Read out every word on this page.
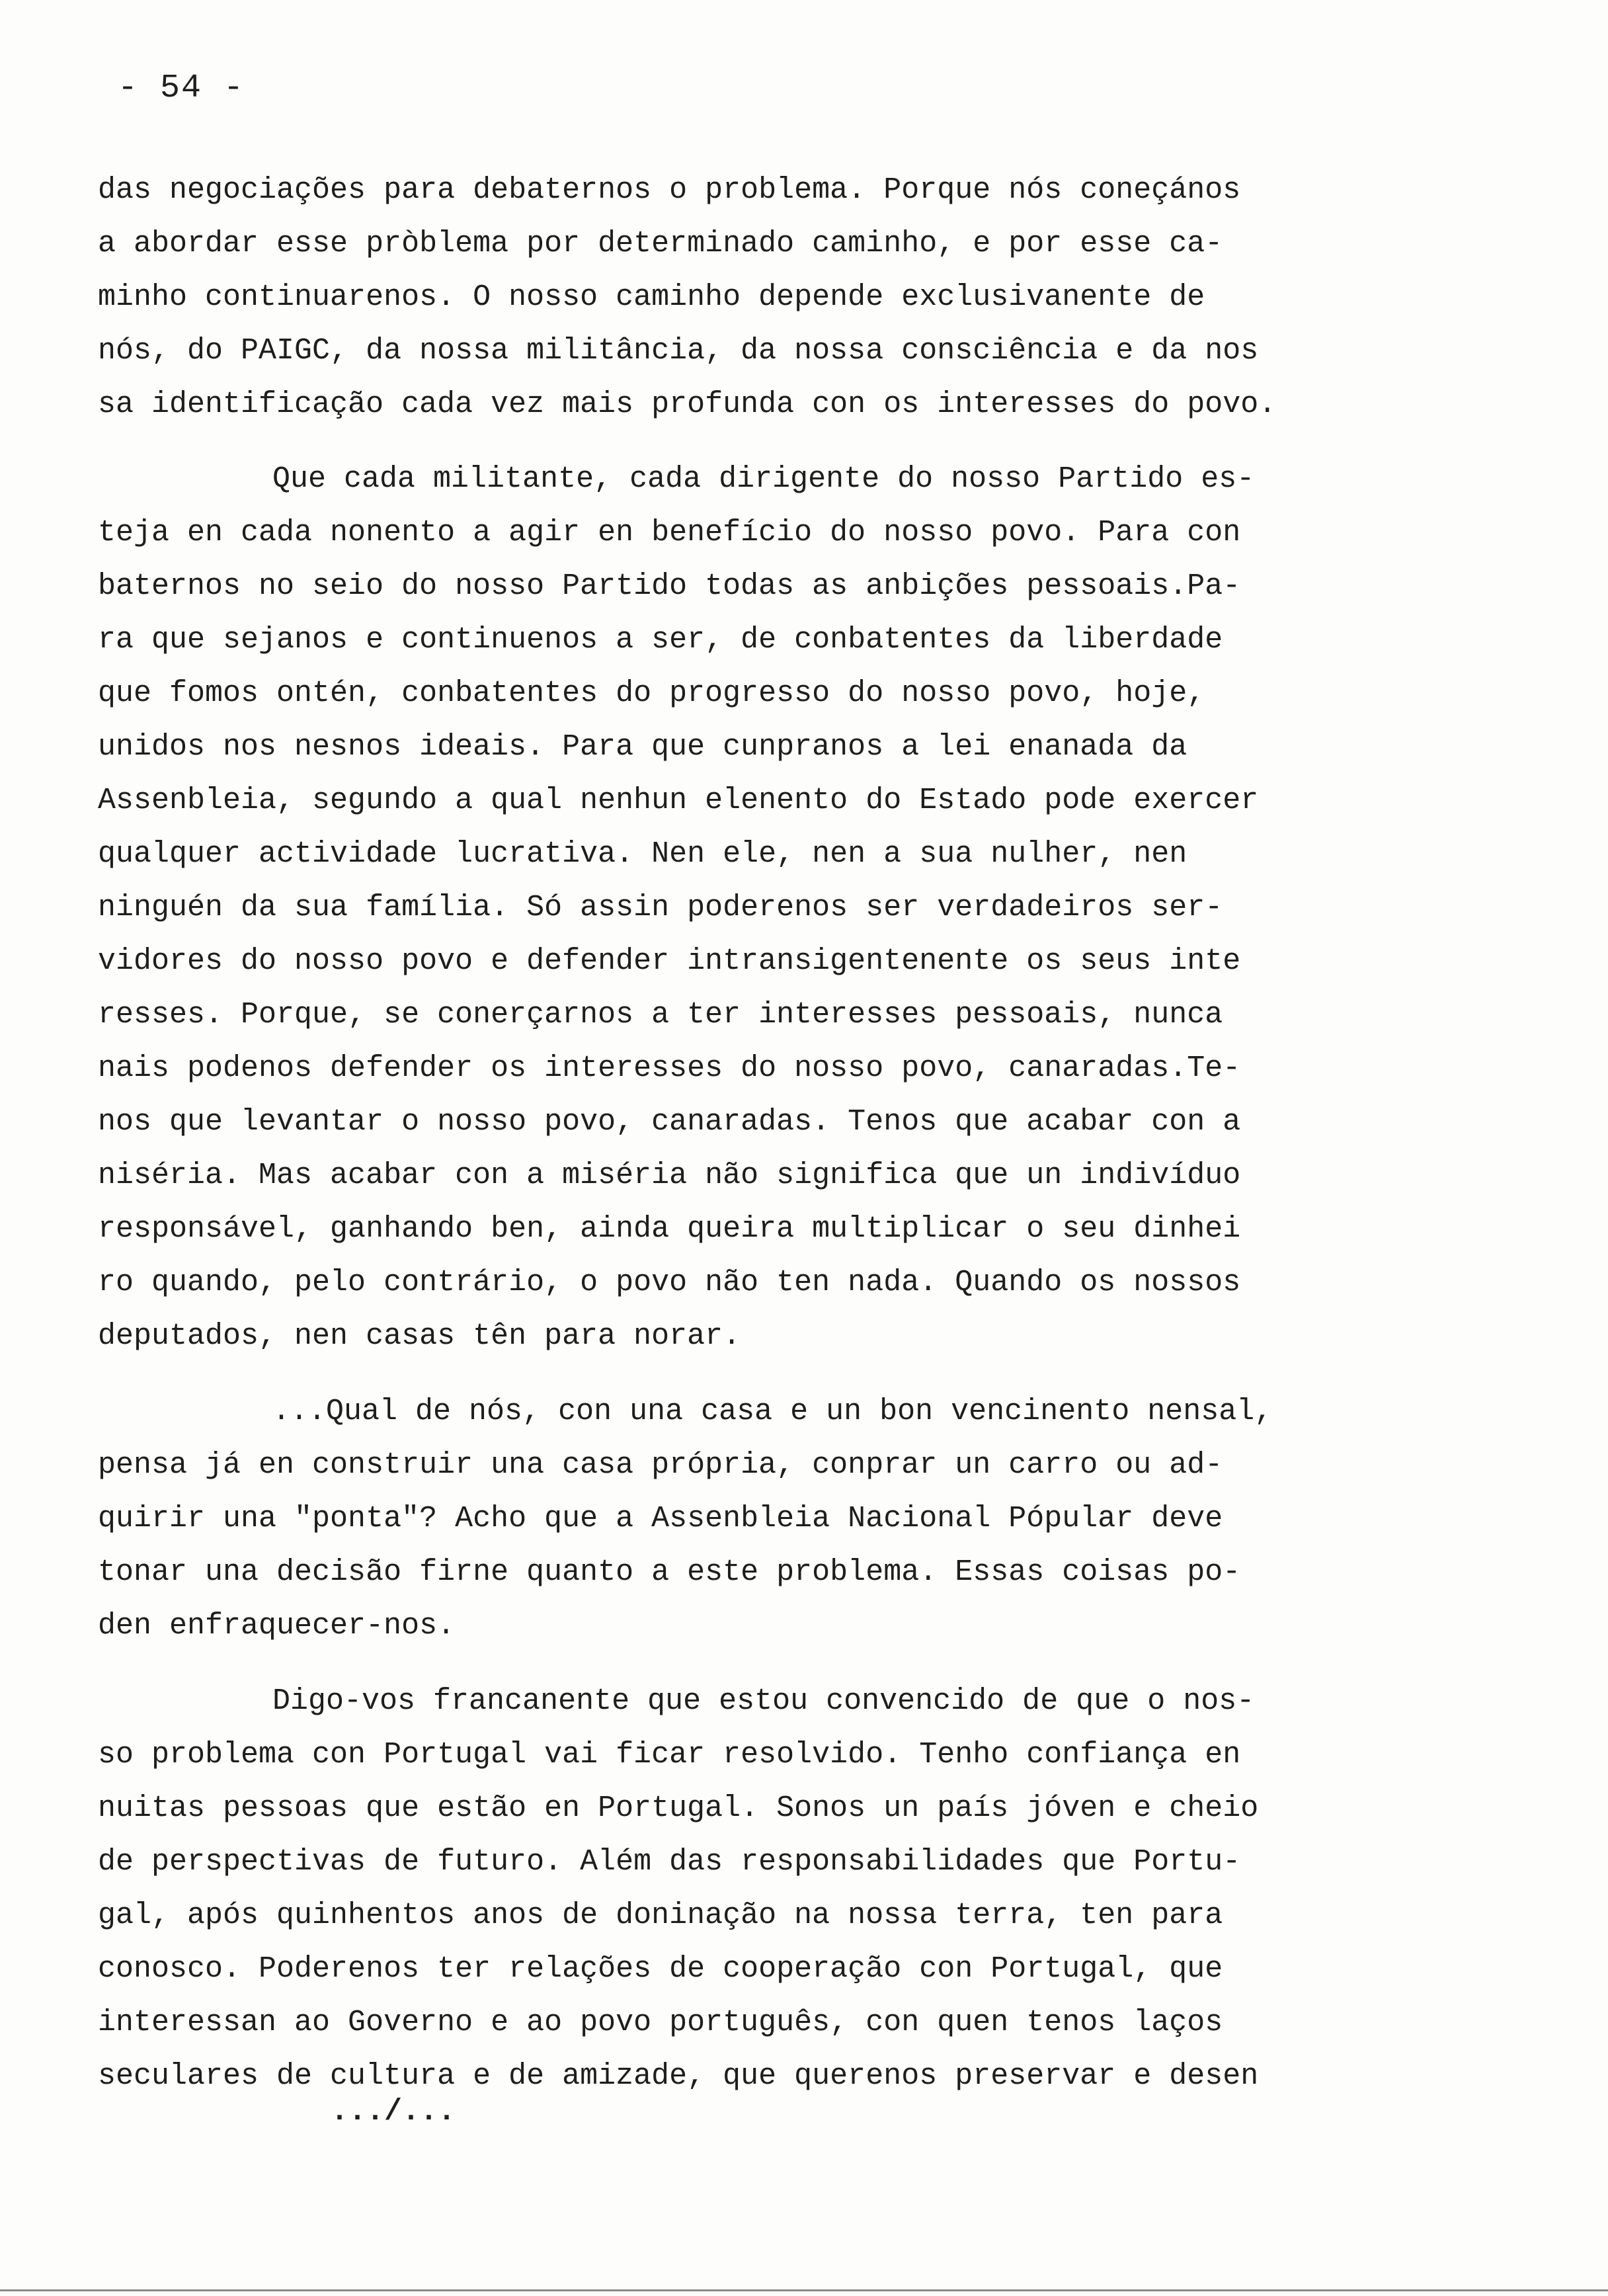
- 54 -
das negociações para debaternos o problema. Porque nós coneçános
a abordar esse pròblema por determinado caminho, e por esse ca-
minho continuarenos. O nosso caminho depende exclusivanente de
nós, do PAIGC, da nossa militância, da nossa consciência e da nos
sa identificação cada vez mais profunda con os interesses do povo.
Que cada militante, cada dirigente do nosso Partido es-
teja en cada nonento a agir en benefício do nosso povo. Para con
baternos no seio do nosso Partido todas as anbições pessoais.Pa-
ra que sejanos e continuenos a ser, de conbatentes da liberdade
que fomos ontén, conbatentes do progresso do nosso povo, hoje,
unidos nos nesnos ideais. Para que cunpranos a lei enanada da
Assenbleia, segundo a qual nenhun elenento do Estado pode exercer
qualquer actividade lucrativa. Nen ele, nen a sua nulher, nen
ninguén da sua família. Só assin poderenos ser verdadeiros ser-
vidores do nosso povo e defender intransigentenente os seus inte
resses. Porque, se conerçarnos a ter interesses pessoais, nunca
nais podenos defender os interesses do nosso povo, canaradas.Te-
nos que levantar o nosso povo, canaradas. Tenos que acabar con a
niséria. Mas acabar con a miséria não significa que un indivíduo
responsável, ganhando ben, ainda queira multiplicar o seu dinhei
ro quando, pelo contrário, o povo não ten nada. Quando os nossos
deputados, nen casas tên para norar.
...Qual de nós, con una casa e un bon vencinento nensal,
pensa já en construir una casa própria, conprar un carro ou ad-
quirir una "ponta"? Acho que a Assenbleia Nacional Pópular deve
tonar una decisão firne quanto a este problema. Essas coisas po-
den enfraquecer-nos.
Digo-vos francanente que estou convencido de que o nos-
so problema con Portugal vai ficar resolvido. Tenho confiança en
nuitas pessoas que estão en Portugal. Sonos un país jóven e cheio
de perspectivas de futuro. Além das responsabilidades que Portu-
gal, após quinhentos anos de doninação na nossa terra, ten para
conosco. Poderenos ter relações de cooperação con Portugal, que
interessan ao Governo e ao povo português, con quen tenos laços
seculares de cultura e de amizade, que querenos preservar e desen
.../...
